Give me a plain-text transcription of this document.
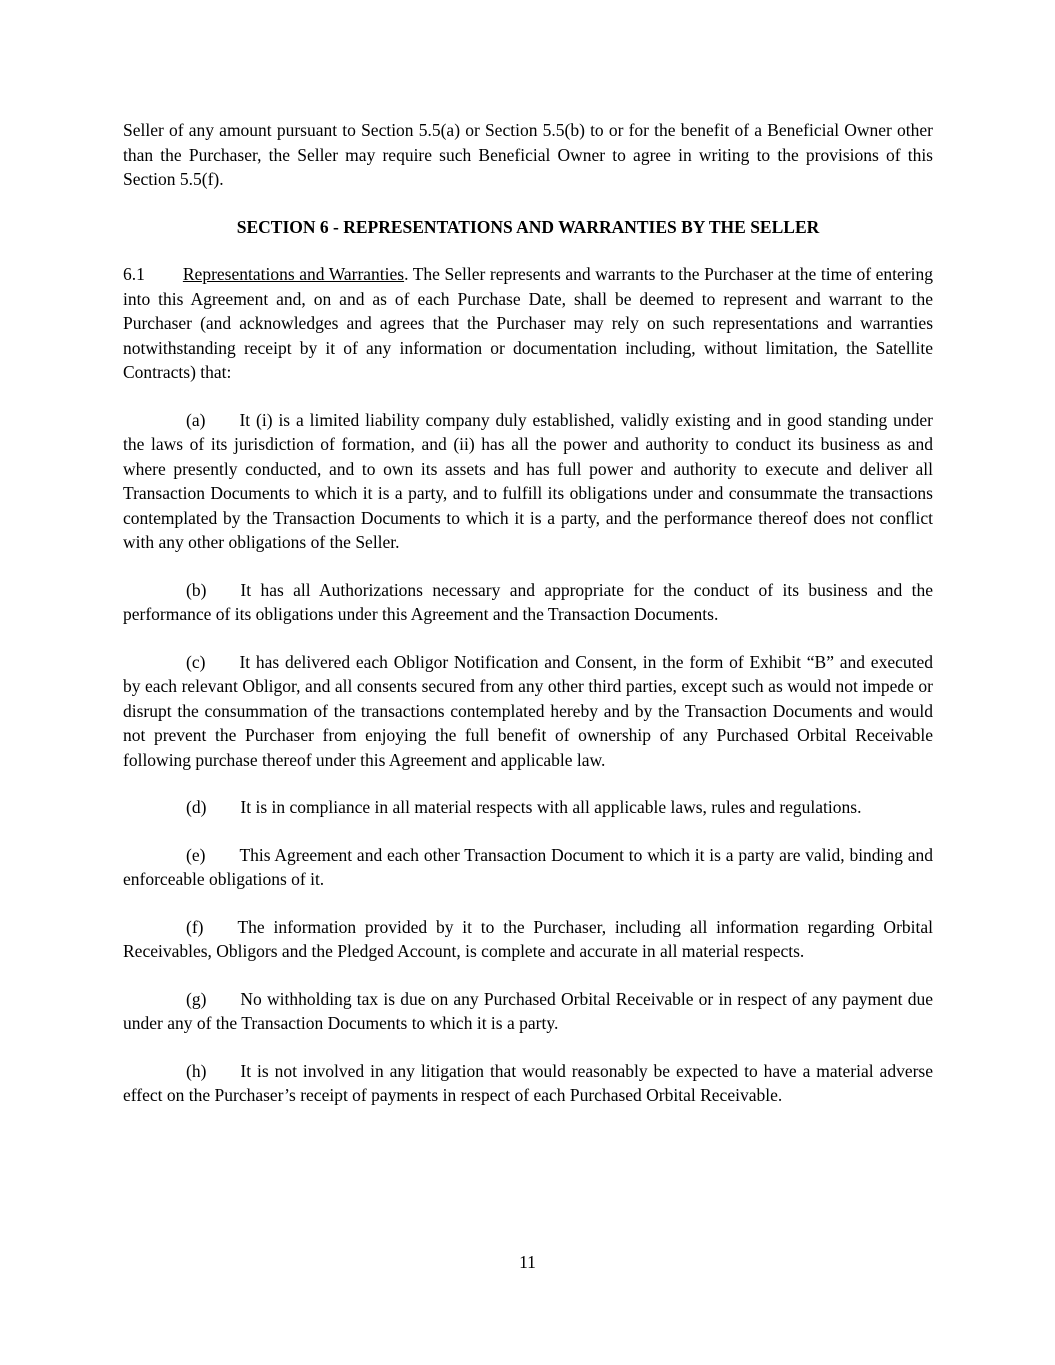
Seller of any amount pursuant to Section 5.5(a) or Section 5.5(b) to or for the benefit of a Beneficial Owner other than the Purchaser, the Seller may require such Beneficial Owner to agree in writing to the provisions of this Section 5.5(f).

SECTION 6 - REPRESENTATIONS AND WARRANTIES BY THE SELLER

6.1 Representations and Warranties. The Seller represents and warrants to the Purchaser at the time of entering into this Agreement and, on and as of each Purchase Date, shall be deemed to represent and warrant to the Purchaser (and acknowledges and agrees that the Purchaser may rely on such representations and warranties notwithstanding receipt by it of any information or documentation including, without limitation, the Satellite Contracts) that:

(a) It (i) is a limited liability company duly established, validly existing and in good standing under the laws of its jurisdiction of formation, and (ii) has all the power and authority to conduct its business as and where presently conducted, and to own its assets and has full power and authority to execute and deliver all Transaction Documents to which it is a party, and to fulfill its obligations under and consummate the transactions contemplated by the Transaction Documents to which it is a party, and the performance thereof does not conflict with any other obligations of the Seller.

(b) It has all Authorizations necessary and appropriate for the conduct of its business and the performance of its obligations under this Agreement and the Transaction Documents.

(c) It has delivered each Obligor Notification and Consent, in the form of Exhibit “B” and executed by each relevant Obligor, and all consents secured from any other third parties, except such as would not impede or disrupt the consummation of the transactions contemplated hereby and by the Transaction Documents and would not prevent the Purchaser from enjoying the full benefit of ownership of any Purchased Orbital Receivable following purchase thereof under this Agreement and applicable law.

(d) It is in compliance in all material respects with all applicable laws, rules and regulations.

(e) This Agreement and each other Transaction Document to which it is a party are valid, binding and enforceable obligations of it.

(f) The information provided by it to the Purchaser, including all information regarding Orbital Receivables, Obligors and the Pledged Account, is complete and accurate in all material respects.

(g) No withholding tax is due on any Purchased Orbital Receivable or in respect of any payment due under any of the Transaction Documents to which it is a party.

(h) It is not involved in any litigation that would reasonably be expected to have a material adverse effect on the Purchaser’s receipt of payments in respect of each Purchased Orbital Receivable.

11
